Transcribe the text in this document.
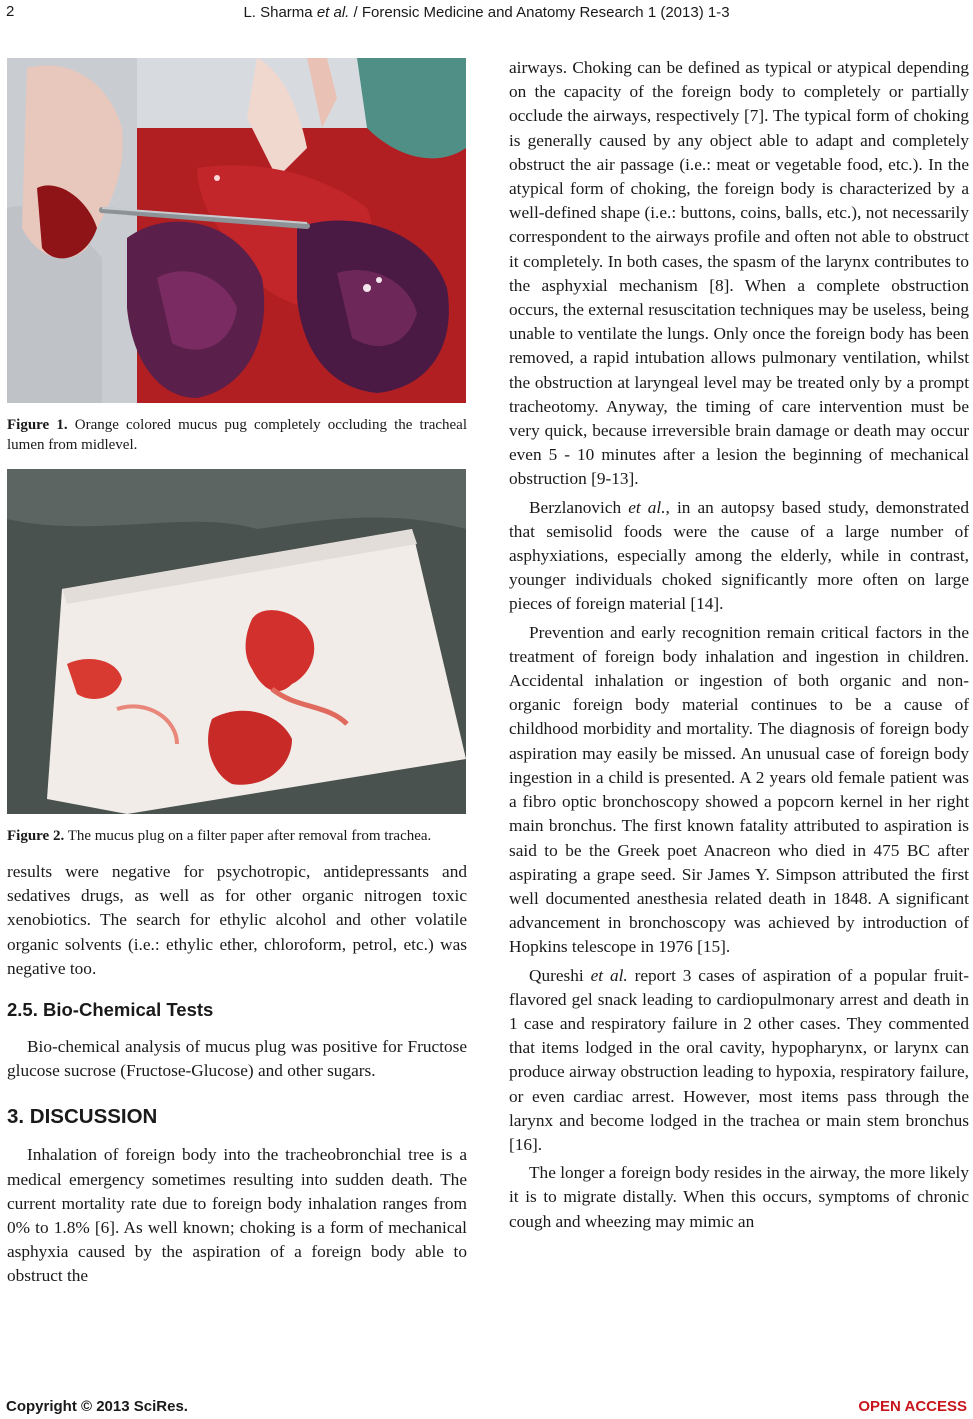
2	L. Sharma et al. / Forensic Medicine and Anatomy Research 1 (2013) 1-3
Figure 1. Orange colored mucus pug completely occluding the tracheal lumen from midlevel.
Figure 2. The mucus plug on a filter paper after removal from trachea.

results were negative for psychotropic, antidepressants and sedatives drugs, as well as for other organic nitrogen toxic xenobiotics. The search for ethylic alcohol and other volatile organic solvents (i.e.: ethylic ether, chloroform, petrol, etc.) was negative too.

2.5. Bio-Chemical Tests

Bio-chemical analysis of mucus plug was positive for Fructose glucose sucrose (Fructose-Glucose) and other sugars.

3. DISCUSSION

Inhalation of foreign body into the tracheobronchial tree is a medical emergency sometimes resulting into sudden death. The current mortality rate due to foreign body inhalation ranges from 0% to 1.8% [6]. As well known; choking is a form of mechanical asphyxia caused by the aspiration of a foreign body able to obstruct the

airways. Choking can be defined as typical or atypical depending on the capacity of the foreign body to completely or partially occlude the airways, respectively [7]. The typical form of choking is generally caused by any object able to adapt and completely obstruct the air passage (i.e.: meat or vegetable food, etc.). In the atypical form of choking, the foreign body is characterized by a well-defined shape (i.e.: buttons, coins, balls, etc.), not necessarily correspondent to the airways profile and often not able to obstruct it completely. In both cases, the spasm of the larynx contributes to the asphyxial mechanism [8]. When a complete obstruction occurs, the external resuscitation techniques may be useless, being unable to ventilate the lungs. Only once the foreign body has been removed, a rapid intubation allows pulmonary ventilation, whilst the obstruction at laryngeal level may be treated only by a prompt tracheotomy. Anyway, the timing of care intervention must be very quick, because irreversible brain damage or death may occur even 5 - 10 minutes after a lesion the beginning of mechanical obstruction [9-13].

Berzlanovich et al., in an autopsy based study, demonstrated that semisolid foods were the cause of a large number of asphyxiations, especially among the elderly, while in contrast, younger individuals choked significantly more often on large pieces of foreign material [14].

Prevention and early recognition remain critical factors in the treatment of foreign body inhalation and ingestion in children. Accidental inhalation or ingestion of both organic and non-organic foreign body material continues to be a cause of childhood morbidity and mortality. The diagnosis of foreign body aspiration may easily be missed. An unusual case of foreign body ingestion in a child is presented. A 2 years old female patient was a fibro optic bronchoscopy showed a popcorn kernel in her right main bronchus. The first known fatality attributed to aspiration is said to be the Greek poet Anacreon who died in 475 BC after aspirating a grape seed. Sir James Y. Simpson attributed the first well documented anesthesia related death in 1848. A significant advancement in bronchoscopy was achieved by introduction of Hopkins telescope in 1976 [15].

Qureshi et al. report 3 cases of aspiration of a popular fruit-flavored gel snack leading to cardiopulmonary arrest and death in 1 case and respiratory failure in 2 other cases. They commented that items lodged in the oral cavity, hypopharynx, or larynx can produce airway obstruction leading to hypoxia, respiratory failure, or even cardiac arrest. However, most items pass through the larynx and become lodged in the trachea or main stem bronchus [16].

The longer a foreign body resides in the airway, the more likely it is to migrate distally. When this occurs, symptoms of chronic cough and wheezing may mimic an

Copyright © 2013 SciRes.	OPEN ACCESS
